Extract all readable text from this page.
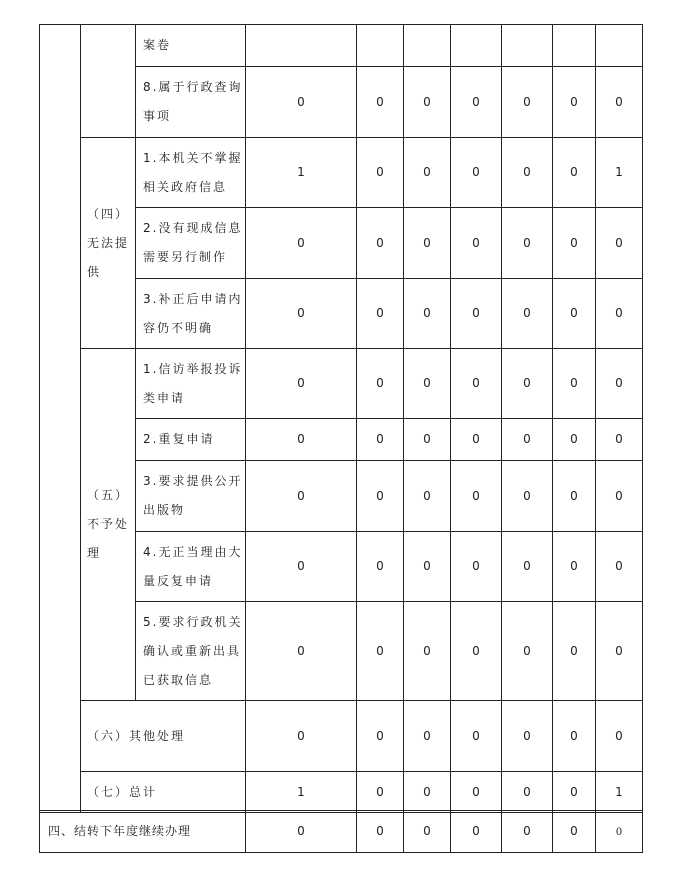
		案卷							
		8.属于行政查询事项	0	0	0	0	0	0	0
	（四）无法提供	1.本机关不掌握相关政府信息	1	0	0	0	0	0	1
		2.没有现成信息需要另行制作	0	0	0	0	0	0	0
		3.补正后申请内容仍不明确	0	0	0	0	0	0	0
	（五）不予处理	1.信访举报投诉类申请	0	0	0	0	0	0	0
		2.重复申请	0	0	0	0	0	0	0
		3.要求提供公开出版物	0	0	0	0	0	0	0
		4.无正当理由大量反复申请	0	0	0	0	0	0	0
		5.要求行政机关确认或重新出具已获取信息	0	0	0	0	0	0	0
	（六）其他处理		0	0	0	0	0	0	0
	（七）总计		1	0	0	0	0	0	1
四、结转下年度继续办理	0	0	0	0	0	0	0
